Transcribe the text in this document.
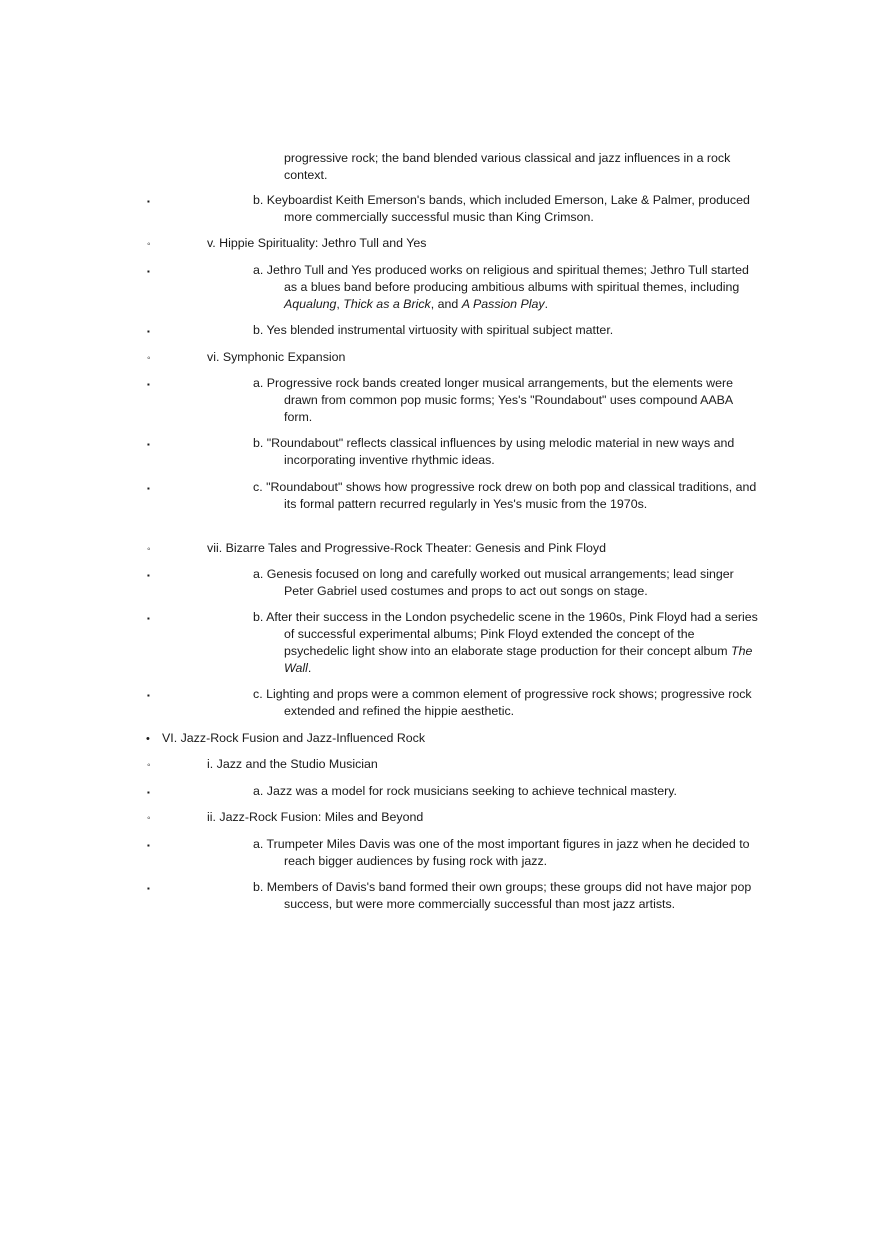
progressive rock; the band blended various classical and jazz influences in a rock context.
▪	b. Keyboardist Keith Emerson's bands, which included Emerson, Lake & Palmer, produced more commercially successful music than King Crimson.
◦	v. Hippie Spirituality: Jethro Tull and Yes
▪	a. Jethro Tull and Yes produced works on religious and spiritual themes; Jethro Tull started as a blues band before producing ambitious albums with spiritual themes, including Aqualung, Thick as a Brick, and A Passion Play.
▪	b. Yes blended instrumental virtuosity with spiritual subject matter.
◦	vi. Symphonic Expansion
▪	a. Progressive rock bands created longer musical arrangements, but the elements were drawn from common pop music forms; Yes's "Roundabout" uses compound AABA form.
▪	b. "Roundabout" reflects classical influences by using melodic material in new ways and incorporating inventive rhythmic ideas.
▪	c. "Roundabout" shows how progressive rock drew on both pop and classical traditions, and its formal pattern recurred regularly in Yes's music from the 1970s.
◦	vii. Bizarre Tales and Progressive-Rock Theater: Genesis and Pink Floyd
▪	a. Genesis focused on long and carefully worked out musical arrangements; lead singer Peter Gabriel used costumes and props to act out songs on stage.
▪	b. After their success in the London psychedelic scene in the 1960s, Pink Floyd had a series of successful experimental albums; Pink Floyd extended the concept of the psychedelic light show into an elaborate stage production for their concept album The Wall.
▪	c. Lighting and props were a common element of progressive rock shows; progressive rock extended and refined the hippie aesthetic.
• VI. Jazz-Rock Fusion and Jazz-Influenced Rock
◦	i. Jazz and the Studio Musician
▪	a. Jazz was a model for rock musicians seeking to achieve technical mastery.
◦	ii. Jazz-Rock Fusion: Miles and Beyond
▪	a. Trumpeter Miles Davis was one of the most important figures in jazz when he decided to reach bigger audiences by fusing rock with jazz.
▪	b. Members of Davis's band formed their own groups; these groups did not have major pop success, but were more commercially successful than most jazz artists.
